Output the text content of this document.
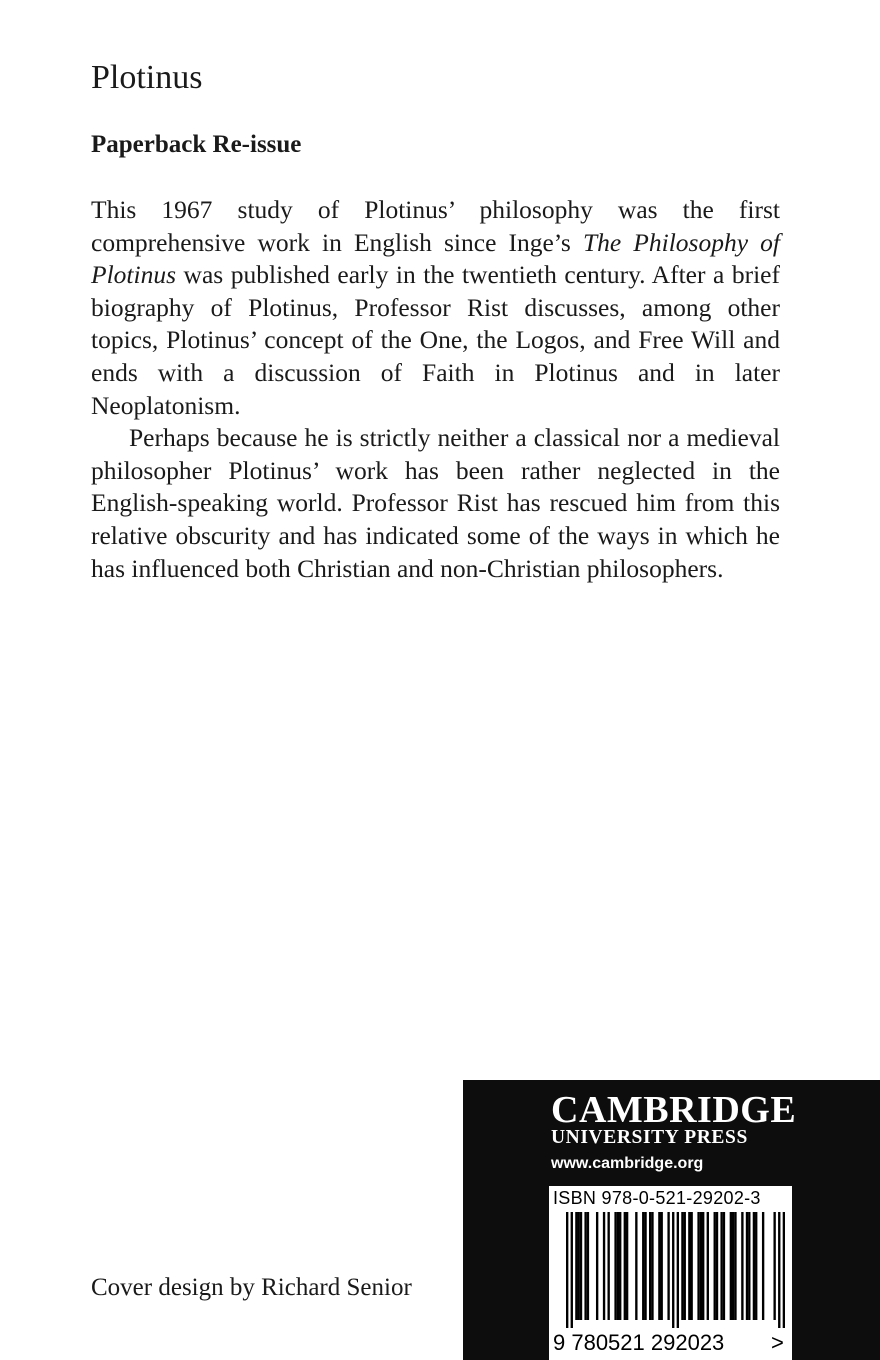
Plotinus
Paperback Re-issue

This 1967 study of Plotinus’ philosophy was the first comprehensive work in English since Inge’s The Philosophy of Plotinus was published early in the twentieth century. After a brief biography of Plotinus, Professor Rist discusses, among other topics, Plotinus’ concept of the One, the Logos, and Free Will and ends with a discussion of Faith in Plotinus and in later Neoplatonism.

Perhaps because he is strictly neither a classical nor a medieval philosopher Plotinus’ work has been rather neglected in the English-speaking world. Professor Rist has rescued him from this relative obscurity and has indicated some of the ways in which he has influenced both Christian and non-Christian philosophers.

Cover design by Richard Senior
CAMBRIDGE
UNIVERSITY PRESS
www.cambridge.org
ISBN 978-0-521-29202-3
9 780521 292023 >
